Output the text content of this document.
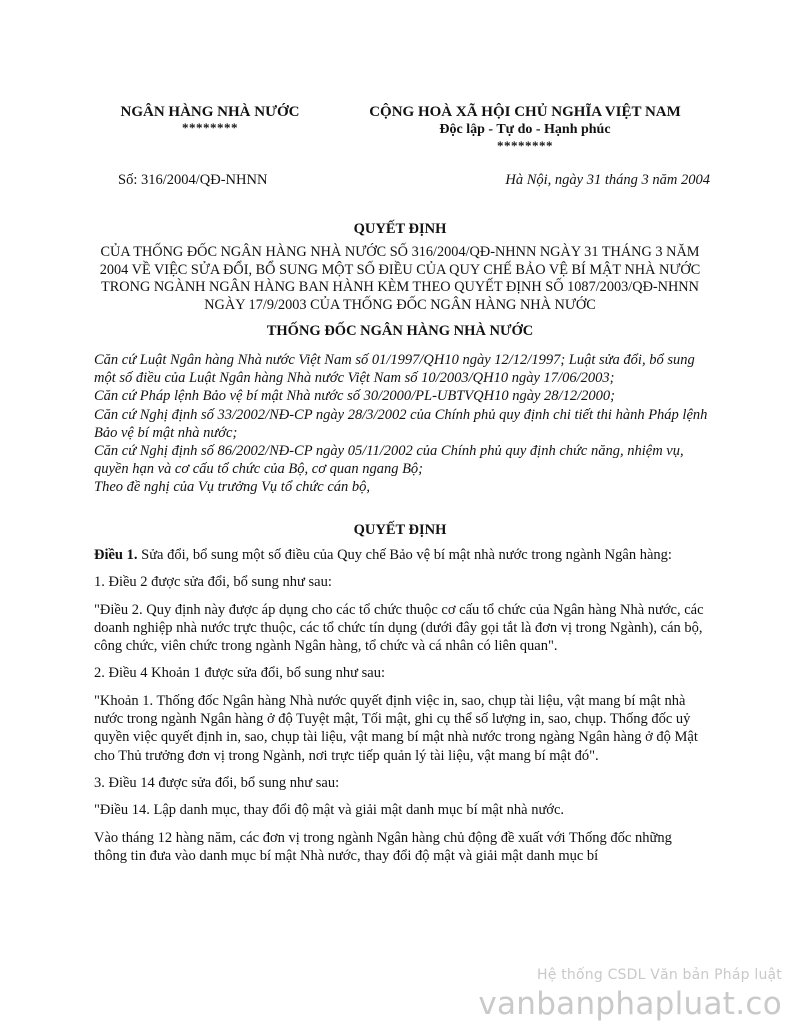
NGÂN HÀNG NHÀ NƯỚC
********
CỘNG HOÀ XÃ HỘI CHỦ NGHĨA VIỆT NAM
Độc lập - Tự do - Hạnh phúc
********
Số: 316/2004/QĐ-NHNN	Hà Nội, ngày 31 tháng 3 năm 2004
QUYẾT ĐỊNH
CỦA THỐNG ĐỐC NGÂN HÀNG NHÀ NƯỚC SỐ 316/2004/QĐ-NHNN NGÀY 31 THÁNG 3 NĂM 2004 VỀ VIỆC SỬA ĐỔI, BỔ SUNG MỘT SỐ ĐIỀU CỦA QUY CHẾ BẢO VỆ BÍ MẬT NHÀ NƯỚC TRONG NGÀNH NGÂN HÀNG BAN HÀNH KÈM THEO QUYẾT ĐỊNH SỐ 1087/2003/QĐ-NHNN NGÀY 17/9/2003 CỦA THỐNG ĐỐC NGÂN HÀNG NHÀ NƯỚC
THỐNG ĐỐC NGÂN HÀNG NHÀ NƯỚC

Căn cứ Luật Ngân hàng Nhà nước Việt Nam số 01/1997/QH10 ngày 12/12/1997; Luật sửa đổi, bổ sung một số điều của Luật Ngân hàng Nhà nước Việt Nam số 10/2003/QH10 ngày 17/06/2003;

Căn cứ Pháp lệnh Bảo vệ bí mật Nhà nước số 30/2000/PL-UBTVQH10 ngày 28/12/2000;

Căn cứ Nghị định số 33/2002/NĐ-CP ngày 28/3/2002 của Chính phủ quy định chi tiết thi hành Pháp lệnh Bảo vệ bí mật nhà nước;

Căn cứ Nghị định số 86/2002/NĐ-CP ngày 05/11/2002 của Chính phủ quy định chức năng, nhiệm vụ, quyền hạn và cơ cấu tổ chức của Bộ, cơ quan ngang Bộ;

Theo đề nghị của Vụ trưởng Vụ tổ chức cán bộ,

QUYẾT ĐỊNH

Điều 1. Sửa đổi, bổ sung một số điều của Quy chế Bảo vệ bí mật nhà nước trong ngành Ngân hàng:

1. Điều 2 được sửa đổi, bổ sung như sau:

"Điều 2. Quy định này được áp dụng cho các tổ chức thuộc cơ cấu tổ chức của Ngân hàng Nhà nước, các doanh nghiệp nhà nước trực thuộc, các tổ chức tín dụng (dưới đây gọi tắt là đơn vị trong Ngành), cán bộ, công chức, viên chức trong ngành Ngân hàng, tổ chức và cá nhân có liên quan".

2. Điều 4 Khoản 1 được sửa đổi, bổ sung như sau:

"Khoản 1. Thống đốc Ngân hàng Nhà nước quyết định việc in, sao, chụp tài liệu, vật mang bí mật nhà nước trong ngành Ngân hàng ở độ Tuyệt mật, Tối mật, ghi cụ thể số lượng in, sao, chụp. Thống đốc uỷ quyền việc quyết định in, sao, chụp tài liệu, vật mang bí mật nhà nước trong ngàng Ngân hàng ở độ Mật cho Thủ trưởng đơn vị trong Ngành, nơi trực tiếp quản lý tài liệu, vật mang bí mật đó".

3. Điều 14 được sửa đổi, bổ sung như sau:

"Điều 14. Lập danh mục, thay đổi độ mật và giải mật danh mục bí mật nhà nước.

Vào tháng 12 hàng năm, các đơn vị trong ngành Ngân hàng chủ động đề xuất với Thống đốc những thông tin đưa vào danh mục bí mật Nhà nước, thay đổi độ mật và giải mật danh mục bí

Hệ thống CSDL Văn bản Pháp luật
vanbanphapluat.co
